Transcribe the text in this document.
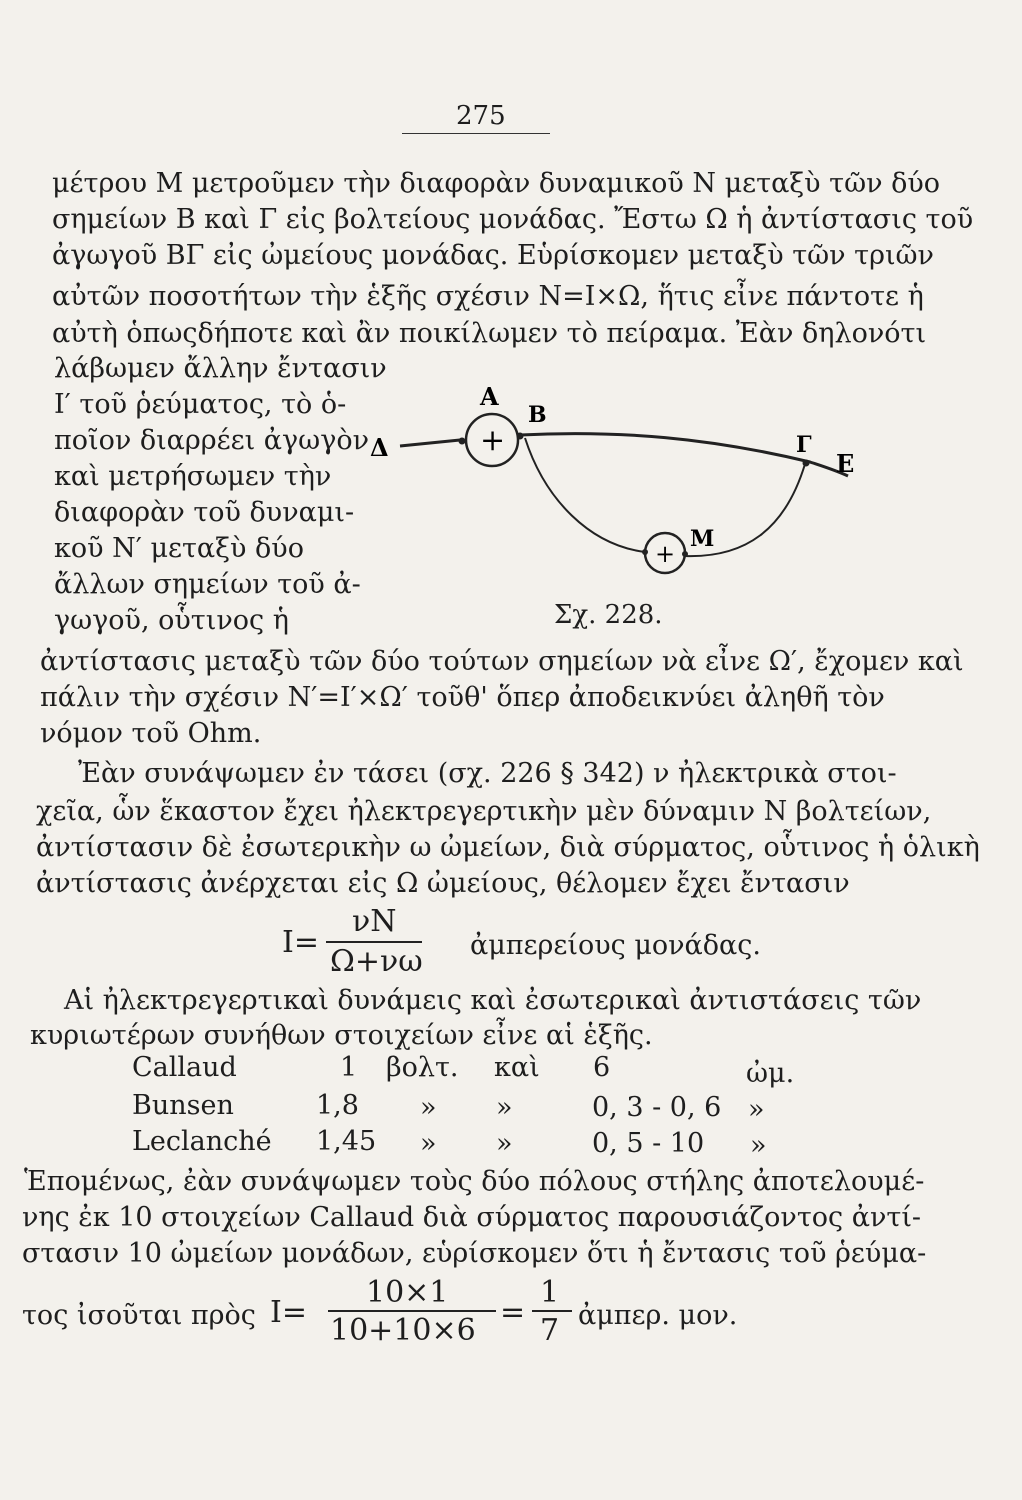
275
μέτρου Μ μετροῦμεν τὴν διαφορὰν δυναμικοῦ Ν μεταξὺ τῶν δύο
σημείων Β καὶ Γ εἰς βολτείους μονάδας. Ἔστω Ω ἡ ἀντίστασις τοῦ
ἀγωγοῦ ΒΓ εἰς ὠμείους μονάδας. Εὑρίσκομεν μεταξὺ τῶν τριῶν
αὐτῶν ποσοτήτων τὴν ἑξῆς σχέσιν Ν=Ι×Ω, ἥτις εἶνε πάντοτε ἡ
αὐτὴ ὁπωςδήποτε καὶ ἂν ποικίλωμεν τὸ πείραμα. Ἐὰν δηλονότι
λάβωμεν ἄλλην ἔντασιν
Ι′ τοῦ ῥεύματος, τὸ ὁ-
ποῖον διαρρέει ἀγωγὸν
καὶ μετρήσωμεν τὴν
διαφορὰν τοῦ δυναμι-
κοῦ Ν′ μεταξὺ δύο
ἄλλων σημείων τοῦ ἀ-
γωγοῦ, οὗτινος ἡ
+
+
Α
Β
Γ
Δ
Ε
Μ
Σχ. 228.
ἀντίστασις μεταξὺ τῶν δύο τούτων σημείων νὰ εἶνε Ω′, ἔχομεν καὶ
πάλιν τὴν σχέσιν Ν′=Ι′×Ω′ τοῦθ' ὅπερ ἀποδεικνύει ἀληθῆ τὸν
νόμον τοῦ Ohm.
Ἐὰν συνάψωμεν ἐν τάσει (σχ. 226 § 342) ν ἠλεκτρικὰ στοι-
χεῖα, ὧν ἕκαστον ἔχει ἠλεκτρεγερτικὴν μὲν δύναμιν Ν βολτείων,
ἀντίστασιν δὲ ἐσωτερικὴν ω ὠμείων, διὰ σύρματος, οὗτινος ἡ ὁλικὴ
ἀντίστασις ἀνέρχεται εἰς Ω ὠμείους, θέλομεν ἔχει ἔντασιν
Ι=
νΝ
Ω+νω ἀμπερείους μονάδας.
Αἱ ἠλεκτρεγερτικαὶ δυνάμεις καὶ ἐσωτερικαὶ ἀντιστάσεις τῶν
κυριωτέρων συνήθων στοιχείων εἶνε αἱ ἑξῆς.
Callaud	1 βολτ. καὶ 6	ὠμ.
Bunsen	1,8 » »	0, 3 - 0, 6 »
Leclanché 1,45 » »	0, 5 - 10 »
Ἑπομένως, ἐὰν συνάψωμεν τοὺς δύο πόλους στήλης ἀποτελουμέ-
νης ἐκ 10 στοιχείων Callaud διὰ σύρματος παρουσιάζοντος ἀντί-
στασιν 10 ὠμείων μονάδων, εὑρίσκομεν ὅτι ἡ ἔντασις τοῦ ῥεύμα-
τος ἰσοῦται πρὸς Ι=
10×1
10+10×6
=
1
7 ἀμπερ. μον.
